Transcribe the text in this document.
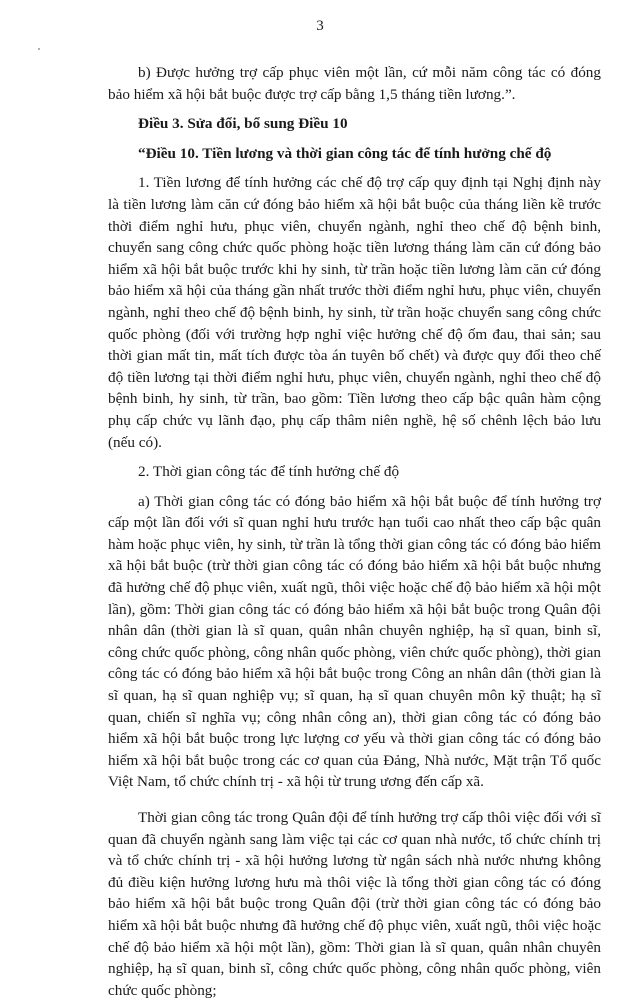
3

b) Được hưởng trợ cấp phục viên một lần, cứ mỗi năm công tác có đóng bảo hiểm xã hội bắt buộc được trợ cấp bằng 1,5 tháng tiền lương.”.

Điều 3. Sửa đổi, bổ sung Điều 10

“Điều 10. Tiền lương và thời gian công tác để tính hưởng chế độ

1. Tiền lương để tính hưởng các chế độ trợ cấp quy định tại Nghị định này là tiền lương làm căn cứ đóng bảo hiểm xã hội bắt buộc của tháng liền kề trước thời điểm nghỉ hưu, phục viên, chuyển ngành, nghỉ theo chế độ bệnh binh, chuyển sang công chức quốc phòng hoặc tiền lương tháng làm căn cứ đóng bảo hiểm xã hội bắt buộc trước khi hy sinh, từ trần hoặc tiền lương làm căn cứ đóng bảo hiểm xã hội của tháng gần nhất trước thời điểm nghỉ hưu, phục viên, chuyển ngành, nghỉ theo chế độ bệnh binh, hy sinh, từ trần hoặc chuyển sang công chức quốc phòng (đối với trường hợp nghỉ việc hưởng chế độ ốm đau, thai sản; sau thời gian mất tin, mất tích được tòa án tuyên bố chết) và được quy đổi theo chế độ tiền lương tại thời điểm nghỉ hưu, phục viên, chuyển ngành, nghỉ theo chế độ bệnh binh, hy sinh, từ trần, bao gồm: Tiền lương theo cấp bậc quân hàm cộng phụ cấp chức vụ lãnh đạo, phụ cấp thâm niên nghề, hệ số chênh lệch bảo lưu (nếu có).

2. Thời gian công tác để tính hưởng chế độ

a) Thời gian công tác có đóng bảo hiểm xã hội bắt buộc để tính hưởng trợ cấp một lần đối với sĩ quan nghỉ hưu trước hạn tuổi cao nhất theo cấp bậc quân hàm hoặc phục viên, hy sinh, từ trần là tổng thời gian công tác có đóng bảo hiểm xã hội bắt buộc (trừ thời gian công tác có đóng bảo hiểm xã hội bắt buộc nhưng đã hưởng chế độ phục viên, xuất ngũ, thôi việc hoặc chế độ bảo hiểm xã hội một lần), gồm: Thời gian công tác có đóng bảo hiểm xã hội bắt buộc trong Quân đội nhân dân (thời gian là sĩ quan, quân nhân chuyên nghiệp, hạ sĩ quan, binh sĩ, công chức quốc phòng, công nhân quốc phòng, viên chức quốc phòng), thời gian công tác có đóng bảo hiểm xã hội bắt buộc trong Công an nhân dân (thời gian là sĩ quan, hạ sĩ quan nghiệp vụ; sĩ quan, hạ sĩ quan chuyên môn kỹ thuật; hạ sĩ quan, chiến sĩ nghĩa vụ; công nhân công an), thời gian công tác có đóng bảo hiểm xã hội bắt buộc trong lực lượng cơ yếu và thời gian công tác có đóng bảo hiểm xã hội bắt buộc trong các cơ quan của Đảng, Nhà nước, Mặt trận Tổ quốc Việt Nam, tổ chức chính trị - xã hội từ trung ương đến cấp xã.

Thời gian công tác trong Quân đội để tính hưởng trợ cấp thôi việc đối với sĩ quan đã chuyển ngành sang làm việc tại các cơ quan nhà nước, tổ chức chính trị và tổ chức chính trị - xã hội hưởng lương từ ngân sách nhà nước nhưng không đủ điều kiện hưởng lương hưu mà thôi việc là tổng thời gian công tác có đóng bảo hiểm xã hội bắt buộc trong Quân đội (trừ thời gian công tác có đóng bảo hiểm xã hội bắt buộc nhưng đã hưởng chế độ phục viên, xuất ngũ, thôi việc hoặc chế độ bảo hiểm xã hội một lần), gồm: Thời gian là sĩ quan, quân nhân chuyên nghiệp, hạ sĩ quan, binh sĩ, công chức quốc phòng, công nhân quốc phòng, viên chức quốc phòng;
